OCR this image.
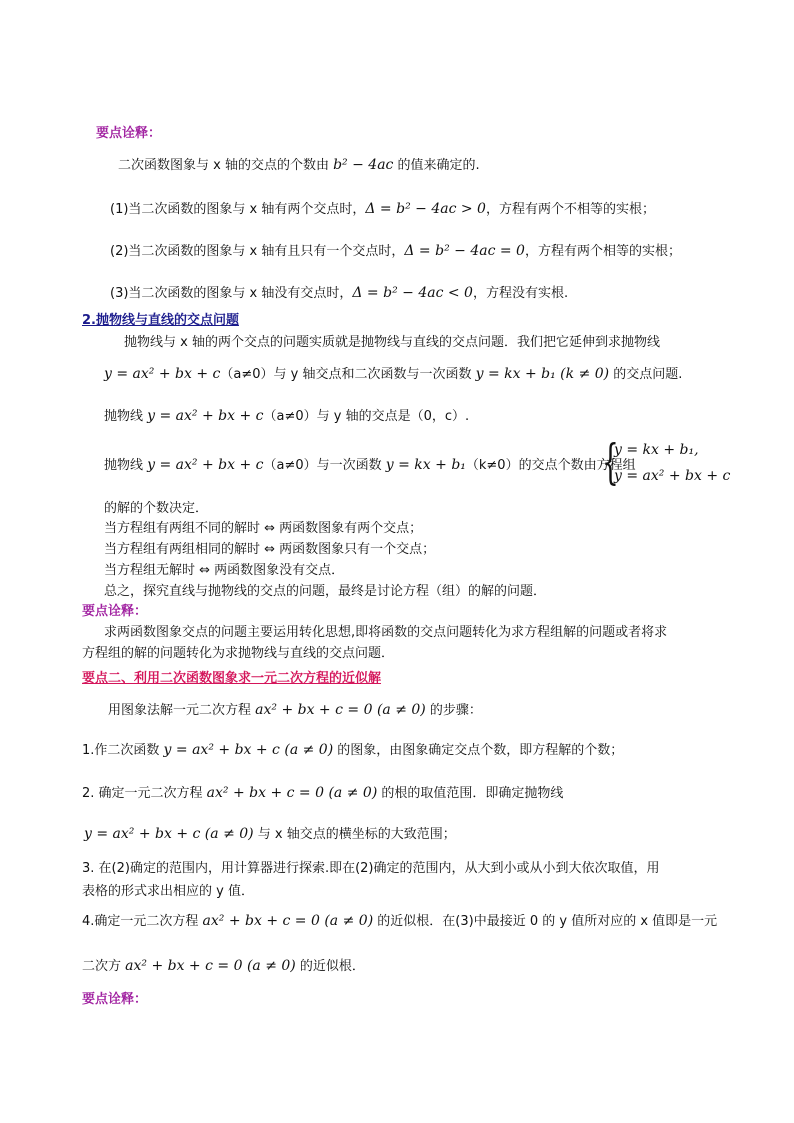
要点诠释：
二次函数图象与 x 轴的交点的个数由 b² − 4ac 的值来确定的.
(1)当二次函数的图象与 x 轴有两个交点时，Δ = b² − 4ac > 0，方程有两个不相等的实根；
(2)当二次函数的图象与 x 轴有且只有一个交点时，Δ = b² − 4ac = 0，方程有两个相等的实根；
(3)当二次函数的图象与 x 轴没有交点时，Δ = b² − 4ac < 0，方程没有实根.
2.抛物线与直线的交点问题
抛物线与 x 轴的两个交点的问题实质就是抛物线与直线的交点问题．我们把它延伸到求抛物线
y = ax² + bx + c（a≠0）与 y 轴交点和二次函数与一次函数 y = kx + b₁ (k ≠ 0) 的交点问题.
抛物线 y = ax² + bx + c（a≠0）与 y 轴的交点是（0，c）.
抛物线 y = ax² + bx + c（a≠0）与一次函数 y = kx + b₁（k≠0）的交点个数由方程组
{
y = kx + b₁,
y = ax² + bx + c
的解的个数决定．
当方程组有两组不同的解时 ⇔ 两函数图象有两个交点；
当方程组有两组相同的解时 ⇔ 两函数图象只有一个交点；
当方程组无解时 ⇔ 两函数图象没有交点．
总之，探究直线与抛物线的交点的问题，最终是讨论方程（组）的解的问题．
要点诠释：
求两函数图象交点的问题主要运用转化思想,即将函数的交点问题转化为求方程组解的问题或者将求
方程组的解的问题转化为求抛物线与直线的交点问题．
要点二、利用二次函数图象求一元二次方程的近似解
用图象法解一元二次方程 ax² + bx + c = 0 (a ≠ 0) 的步骤：
1.作二次函数 y = ax² + bx + c (a ≠ 0) 的图象，由图象确定交点个数，即方程解的个数；
2. 确定一元二次方程 ax² + bx + c = 0 (a ≠ 0) 的根的取值范围．即确定抛物线
y = ax² + bx + c (a ≠ 0) 与 x 轴交点的横坐标的大致范围；
3. 在(2)确定的范围内，用计算器进行探索.即在(2)确定的范围内，从大到小或从小到大依次取值，用
表格的形式求出相应的 y 值．
4.确定一元二次方程 ax² + bx + c = 0 (a ≠ 0) 的近似根．在(3)中最接近 0 的 y 值所对应的 x 值即是一元
二次方 ax² + bx + c = 0 (a ≠ 0) 的近似根．
要点诠释：
